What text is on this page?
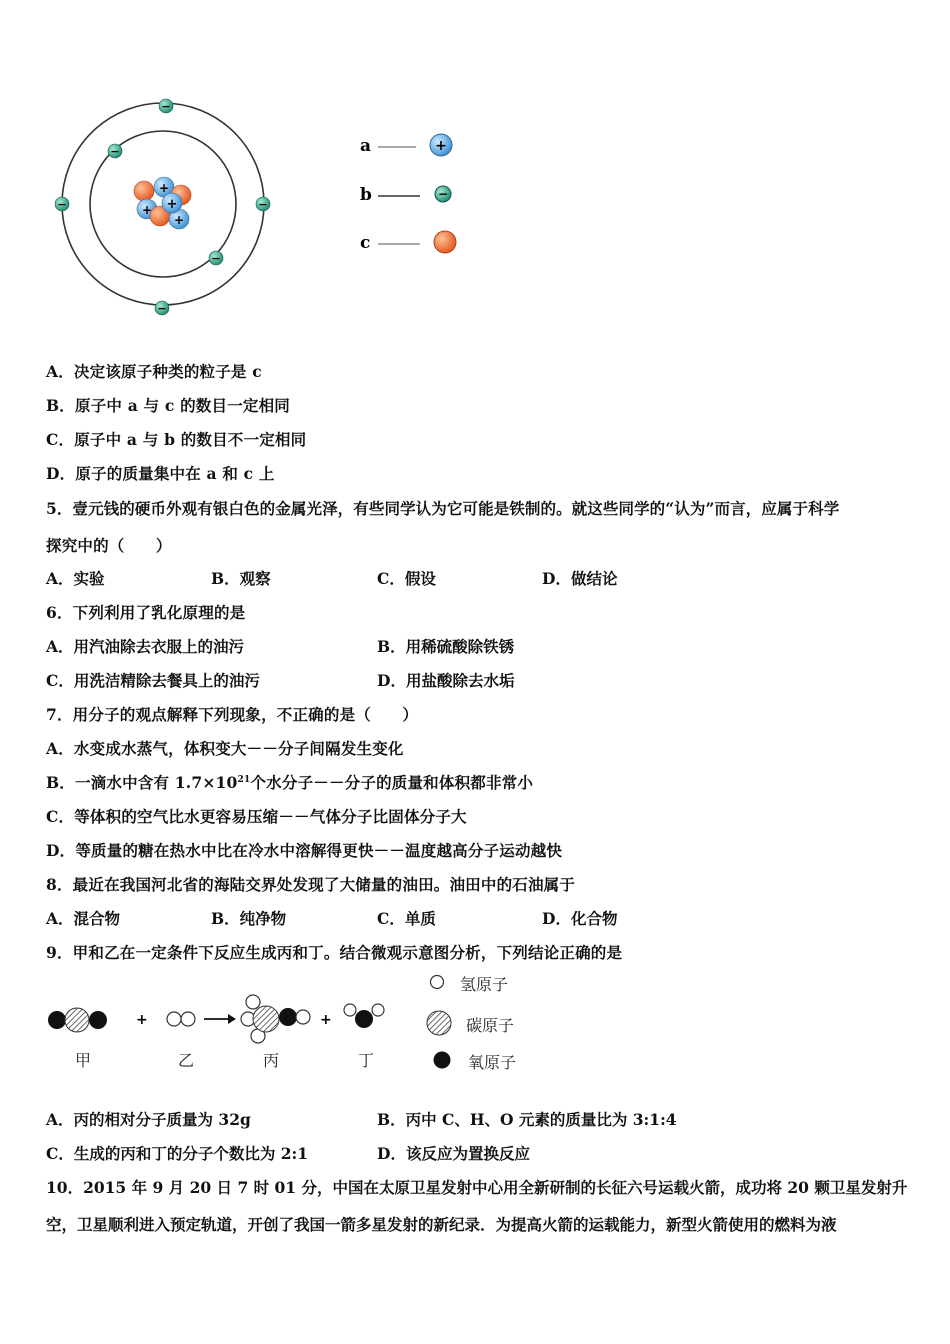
+
+
+
+
−
−	−
−
−
−
a	+
b	−
c
A．决定该原子种类的粒子是 c
B．原子中 a 与 c 的数目一定相同
C．原子中 a 与 b 的数目不一定相同
D．原子的质量集中在 a 和 c 上
5．壹元钱的硬币外观有银白色的金属光泽，有些同学认为它可能是铁制的。就这些同学的“认为”而言，应属于科学
探究中的（　　）
A．实验	B．观察	C．假设	D．做结论
6．下列利用了乳化原理的是
A．用汽油除去衣服上的油污	B．用稀硫酸除铁锈
C．用洗洁精除去餐具上的油污	D．用盐酸除去水垢
7．用分子的观点解释下列现象，不正确的是（　　）
A．水变成水蒸气，体积变大－－分子间隔发生变化
B．一滴水中含有 $1.7\times 10^{21}$个水分子－－分子的质量和体积都非常小
C．等体积的空气比水更容易压缩－－气体分子比固体分子大
D．等质量的糖在热水中比在冷水中溶解得更快－－温度越高分子运动越快
8．最近在我国河北省的海陆交界处发现了大储量的油田。油田中的石油属于
A．混合物	B．纯净物	C．单质	D．化合物
9．甲和乙在一定条件下反应生成丙和丁。结合微观示意图分析，下列结论正确的是
+	+
氢原子
碳原子
氧原子
甲	乙	丙	丁
A．丙的相对分子质量为 32g	B．丙中 C、H、O 元素的质量比为 3:1:4
C．生成的丙和丁的分子个数比为 2:1	D．该反应为置换反应
10．2015 年 9 月 20 日 7 时 01 分，中国在太原卫星发射中心用全新研制的长征六号运载火箭，成功将 20 颗卫星发射升
空，卫星顺利进入预定轨道，开创了我国一箭多星发射的新纪录．为提高火箭的运载能力，新型火箭使用的燃料为液
